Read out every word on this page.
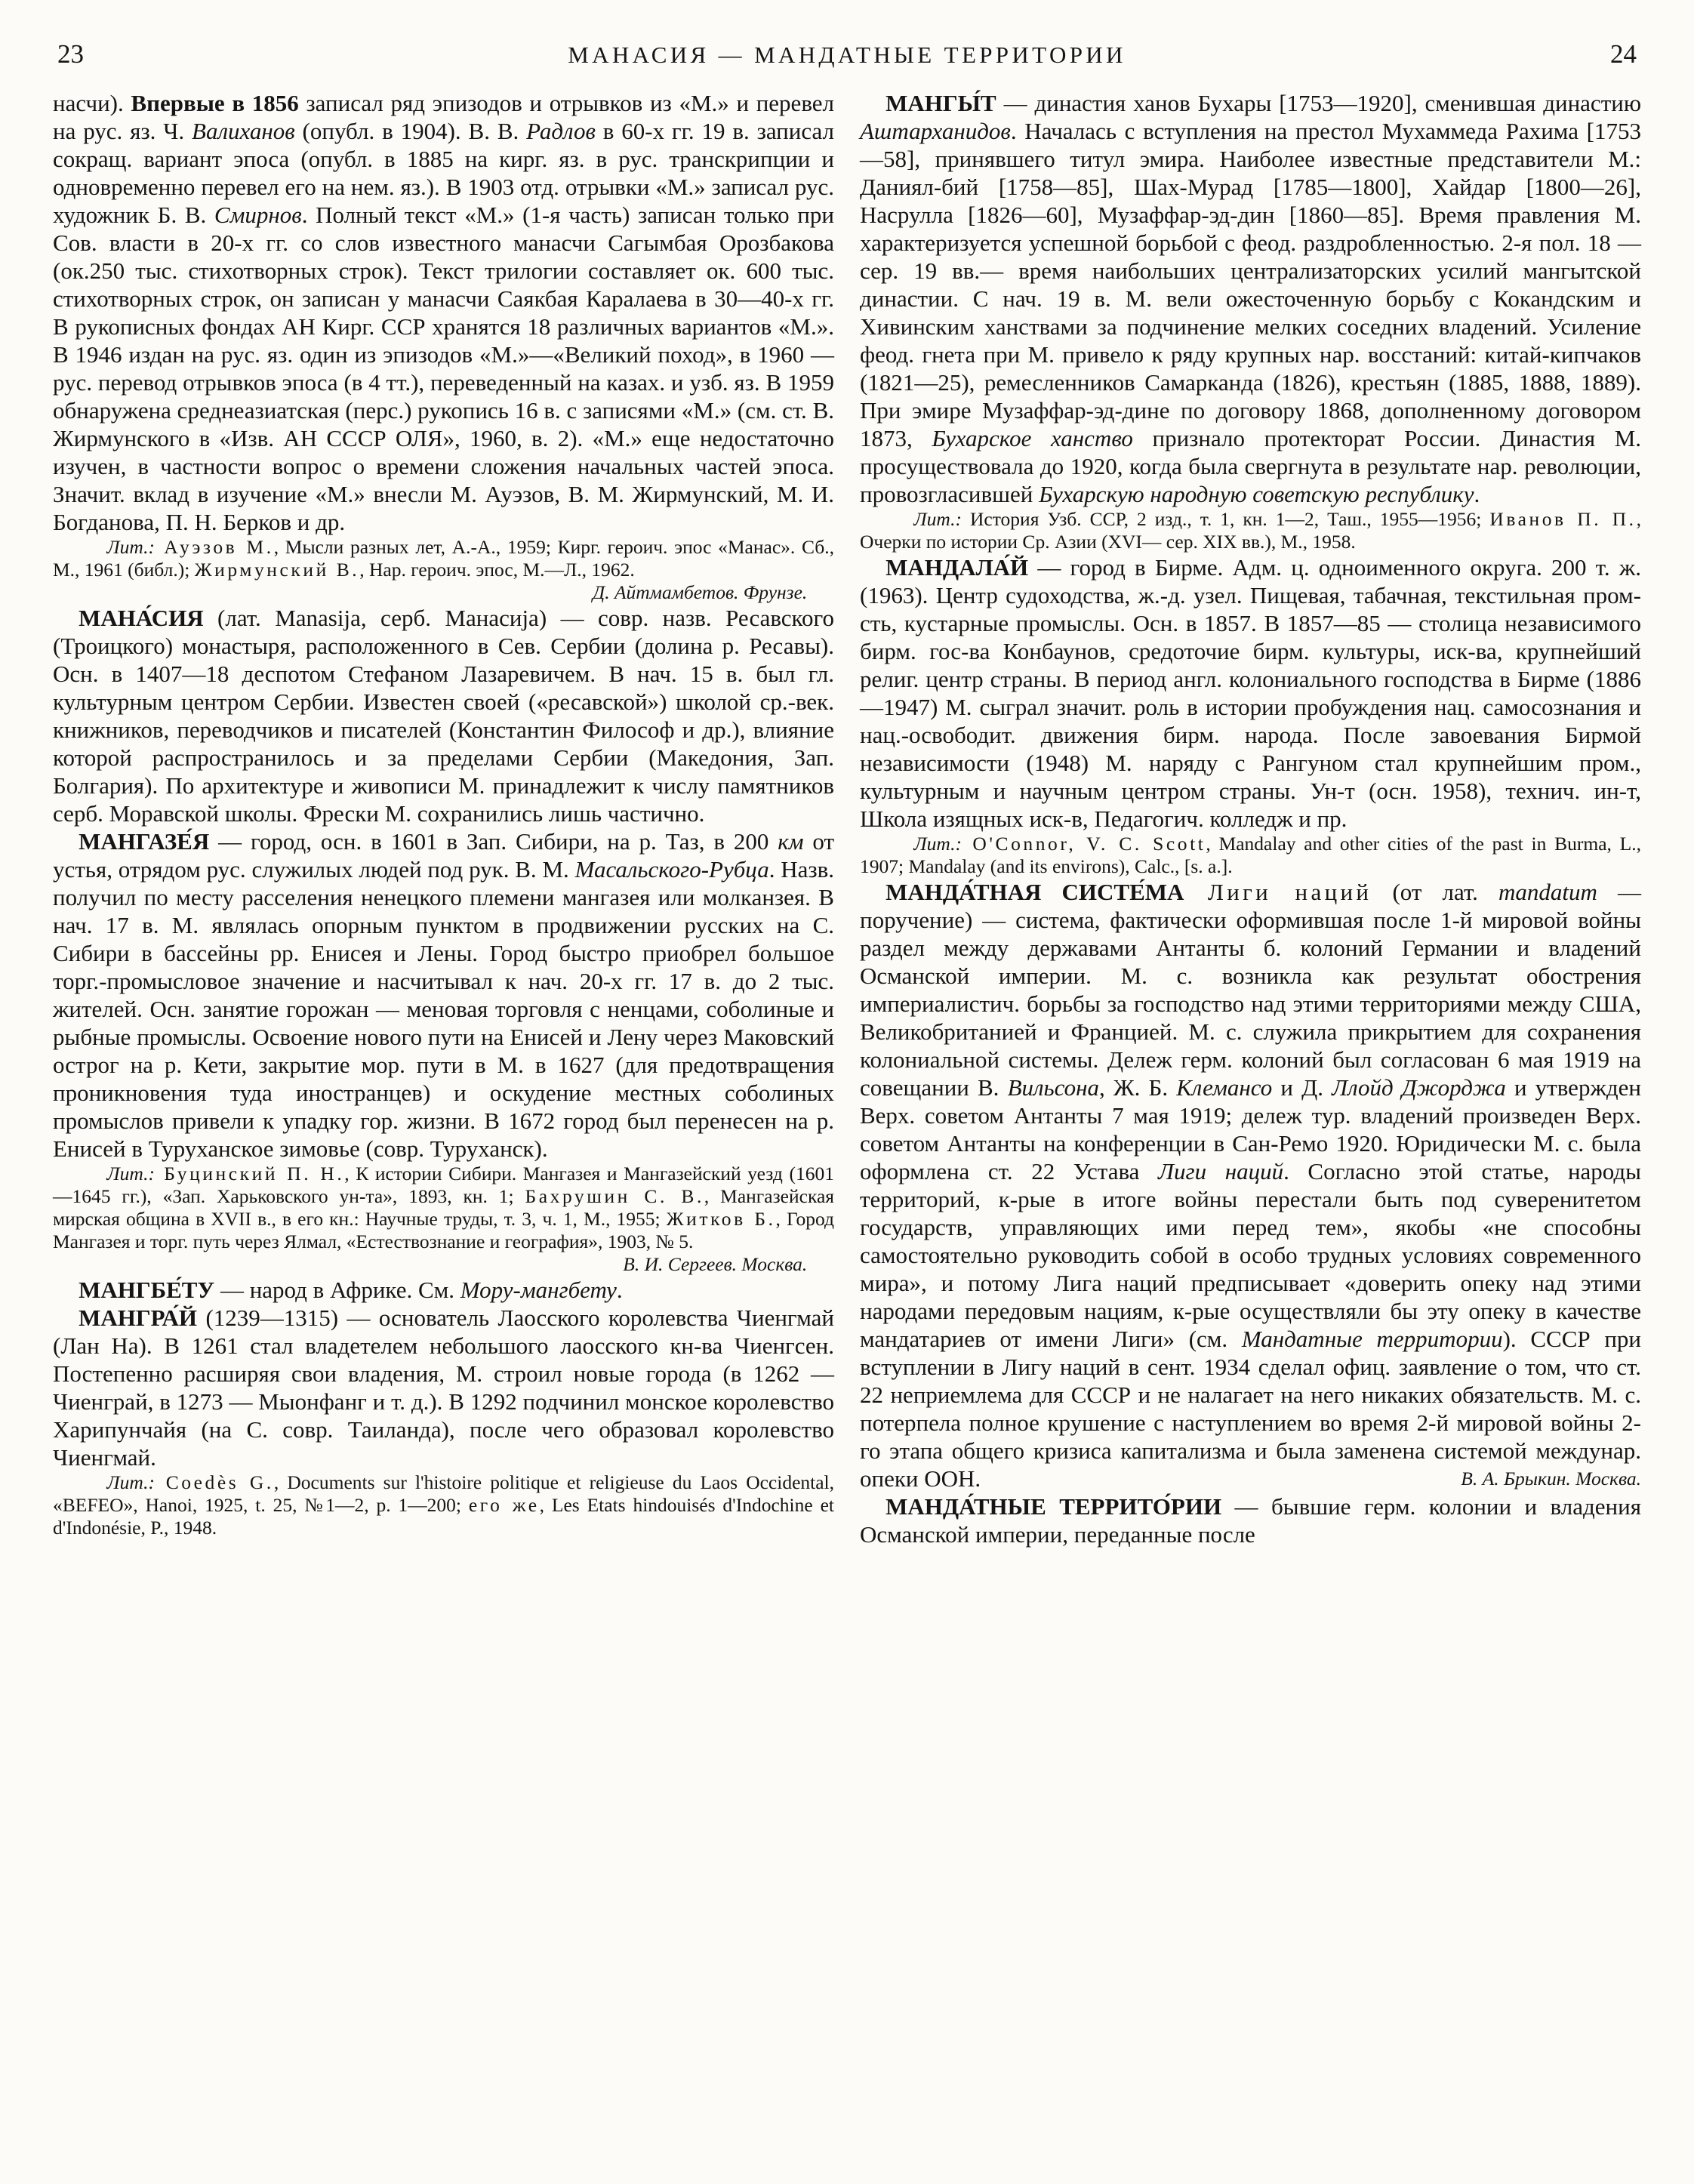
23	МАНАСИЯ — МАНДАТНЫЕ ТЕРРИТОРИИ	24

насчи). Впервые в 1856 записал ряд эпизодов и отрывков из «М.» и перевел на рус. яз. Ч. Валиханов (опубл. в 1904). В. В. Радлов в 60-х гг. 19 в. записал сокращ. вариант эпоса (опубл. в 1885 на кирг. яз. в рус. транскрипции и одновременно перевел его на нем. яз.). В 1903 отд. отрывки «М.» записал рус. художник Б. В. Смирнов. Полный текст «М.» (1-я часть) записан только при Сов. власти в 20-х гг. со слов известного манасчи Сагымбая Орозбакова (ок.250 тыс. стихотворных строк). Текст трилогии составляет ок. 600 тыс. стихотворных строк, он записан у манасчи Саякбая Каралаева в 30—40-х гг. В рукописных фондах АН Кирг. ССР хранятся 18 различных вариантов «М.». В 1946 издан на рус. яз. один из эпизодов «М.»—«Великий поход», в 1960 — рус. перевод отрывков эпоса (в 4 тт.), переведенный на казах. и узб. яз. В 1959 обнаружена среднеазиатская (перс.) рукопись 16 в. с записями «М.» (см. ст. В. Жирмунского в «Изв. АН СССР ОЛЯ», 1960, в. 2). «М.» еще недостаточно изучен, в частности вопрос о времени сложения начальных частей эпоса. Значит. вклад в изучение «М.» внесли М. Ауэзов, В. М. Жирмунский, М. И. Богданова, П. Н. Берков и др.

Лит.: Ауэзов М., Мысли разных лет, А.-А., 1959; Кирг. героич. эпос «Манас». Сб., М., 1961 (библ.); Жирмунский В., Нар. героич. эпос, М.—Л., 1962.

Д. Айтмамбетов. Фрунзе.

МАНА́СИЯ (лат. Manasija, серб. Манасија) — совр. назв. Ресавского (Троицкого) монастыря, расположенного в Сев. Сербии (долина р. Ресавы). Осн. в 1407—18 деспотом Стефаном Лазаревичем. В нач. 15 в. был гл. культурным центром Сербии. Известен своей («ресавской») школой ср.-век. книжников, переводчиков и писателей (Константин Философ и др.), влияние которой распространилось и за пределами Сербии (Македония, Зап. Болгария). По архитектуре и живописи М. принадлежит к числу памятников серб. Моравской школы. Фрески М. сохранились лишь частично.

МАНГАЗЕ́Я — город, осн. в 1601 в Зап. Сибири, на р. Таз, в 200 км от устья, отрядом рус. служилых людей под рук. В. М. Масальского-Рубца. Назв. получил по месту расселения ненецкого племени мангазея или молканзея. В нач. 17 в. М. являлась опорным пунктом в продвижении русских на С. Сибири в бассейны рр. Енисея и Лены. Город быстро приобрел большое торг.-промысловое значение и насчитывал к нач. 20-х гг. 17 в. до 2 тыс. жителей. Осн. занятие горожан — меновая торговля с ненцами, соболиные и рыбные промыслы. Освоение нового пути на Енисей и Лену через Маковский острог на р. Кети, закрытие мор. пути в М. в 1627 (для предотвращения проникновения туда иностранцев) и оскудение местных соболиных промыслов привели к упадку гор. жизни. В 1672 город был перенесен на р. Енисей в Туруханское зимовье (совр. Туруханск).

Лит.: Буцинский П. Н., К истории Сибири. Мангазея и Мангазейский уезд (1601—1645 гг.), «Зап. Харьковского ун-та», 1893, кн. 1; Бахрушин С. В., Мангазейская мирская община в XVII в., в его кн.: Научные труды, т. 3, ч. 1, М., 1955; Житков Б., Город Мангазея и торг. путь через Ялмал, «Естествознание и география», 1903, № 5.

В. И. Сергеев. Москва.

МАНГБЕ́ТУ — народ в Африке. См. Мору-мангбету.

МАНГРА́Й (1239—1315) — основатель Лаосского королевства Чиенгмай (Лан На). В 1261 стал владетелем небольшого лаосского кн-ва Чиенгсен. Постепенно расширяя свои владения, М. строил новые города (в 1262 — Чиенграй, в 1273 — Мыонфанг и т. д.). В 1292 подчинил монское королевство Харипунчайя (на С. совр. Таиланда), после чего образовал королевство Чиенгмай.

Лит.: Coedès G., Documents sur l'histoire politique et religieuse du Laos Occidental, «BEFEO», Hanoi, 1925, t. 25, №1—2, p. 1—200; его же, Les Etats hindouisés d'Indochine et d'Indonésie, P., 1948.

МАНГЫ́Т — династия ханов Бухары [1753—1920], сменившая династию Аштарханидов. Началась с вступления на престол Мухаммеда Рахима [1753—58], принявшего титул эмира. Наиболее известные представители М.: Даниял-бий [1758—85], Шах-Мурад [1785—1800], Хайдар [1800—26], Насрулла [1826—60], Музаффар-эд-дин [1860—85]. Время правления М. характеризуется успешной борьбой с феод. раздробленностью. 2-я пол. 18 — сер. 19 вв.— время наибольших централизаторских усилий мангытской династии. С нач. 19 в. М. вели ожесточенную борьбу с Кокандским и Хивинским ханствами за подчинение мелких соседних владений. Усиление феод. гнета при М. привело к ряду крупных нар. восстаний: китай-кипчаков (1821—25), ремесленников Самарканда (1826), крестьян (1885, 1888, 1889). При эмире Музаффар-эд-дине по договору 1868, дополненному договором 1873, Бухарское ханство признало протекторат России. Династия М. просуществовала до 1920, когда была свергнута в результате нар. революции, провозгласившей Бухарскую народную советскую республику.

Лит.: История Узб. ССР, 2 изд., т. 1, кн. 1—2, Таш., 1955—1956; Иванов П. П., Очерки по истории Ср. Азии (XVI— сер. XIX вв.), М., 1958.

МАНДАЛА́Й — город в Бирме. Адм. ц. одноименного округа. 200 т. ж. (1963). Центр судоходства, ж.-д. узел. Пищевая, табачная, текстильная пром-сть, кустарные промыслы. Осн. в 1857. В 1857—85 — столица независимого бирм. гос-ва Конбаунов, средоточие бирм. культуры, иск-ва, крупнейший религ. центр страны. В период англ. колониального господства в Бирме (1886—1947) М. сыграл значит. роль в истории пробуждения нац. самосознания и нац.-освободит. движения бирм. народа. После завоевания Бирмой независимости (1948) М. наряду с Рангуном стал крупнейшим пром., культурным и научным центром страны. Ун-т (осн. 1958), технич. ин-т, Школа изящных иск-в, Педагогич. колледж и пр.

Лит.: O'Connor, V. C. Scott, Mandalay and other cities of the past in Burma, L., 1907; Mandalay (and its environs), Calc., [s. a.].

МАНДА́ТНАЯ СИСТЕ́МА Лиги наций (от лат. mandatum — поручение) — система, фактически оформившая после 1-й мировой войны раздел между державами Антанты б. колоний Германии и владений Османской империи. М. с. возникла как результат обострения империалистич. борьбы за господство над этими территориями между США, Великобританией и Францией. М. с. служила прикрытием для сохранения колониальной системы. Дележ герм. колоний был согласован 6 мая 1919 на совещании В. Вильсона, Ж. Б. Клемансо и Д. Ллойд Джорджа и утвержден Верх. советом Антанты 7 мая 1919; дележ тур. владений произведен Верх. советом Антанты на конференции в Сан-Ремо 1920. Юридически М. с. была оформлена ст. 22 Устава Лиги наций. Согласно этой статье, народы территорий, к-рые в итоге войны перестали быть под суверенитетом государств, управляющих ими перед тем», якобы «не способны самостоятельно руководить собой в особо трудных условиях современного мира», и потому Лига наций предписывает «доверить опеку над этими народами передовым нациям, к-рые осуществляли бы эту опеку в качестве мандатариев от имени Лиги» (см. Мандатные территории). СССР при вступлении в Лигу наций в сент. 1934 сделал офиц. заявление о том, что ст. 22 неприемлема для СССР и не налагает на него никаких обязательств. М. с. потерпела полное крушение с наступлением во время 2-й мировой войны 2-го этапа общего кризиса капитализма и была заменена системой междунар. опеки ООН.	В. А. Брыкин. Москва.

МАНДА́ТНЫЕ ТЕРРИТО́РИИ — бывшие герм. колонии и владения Османской империи, переданные после
